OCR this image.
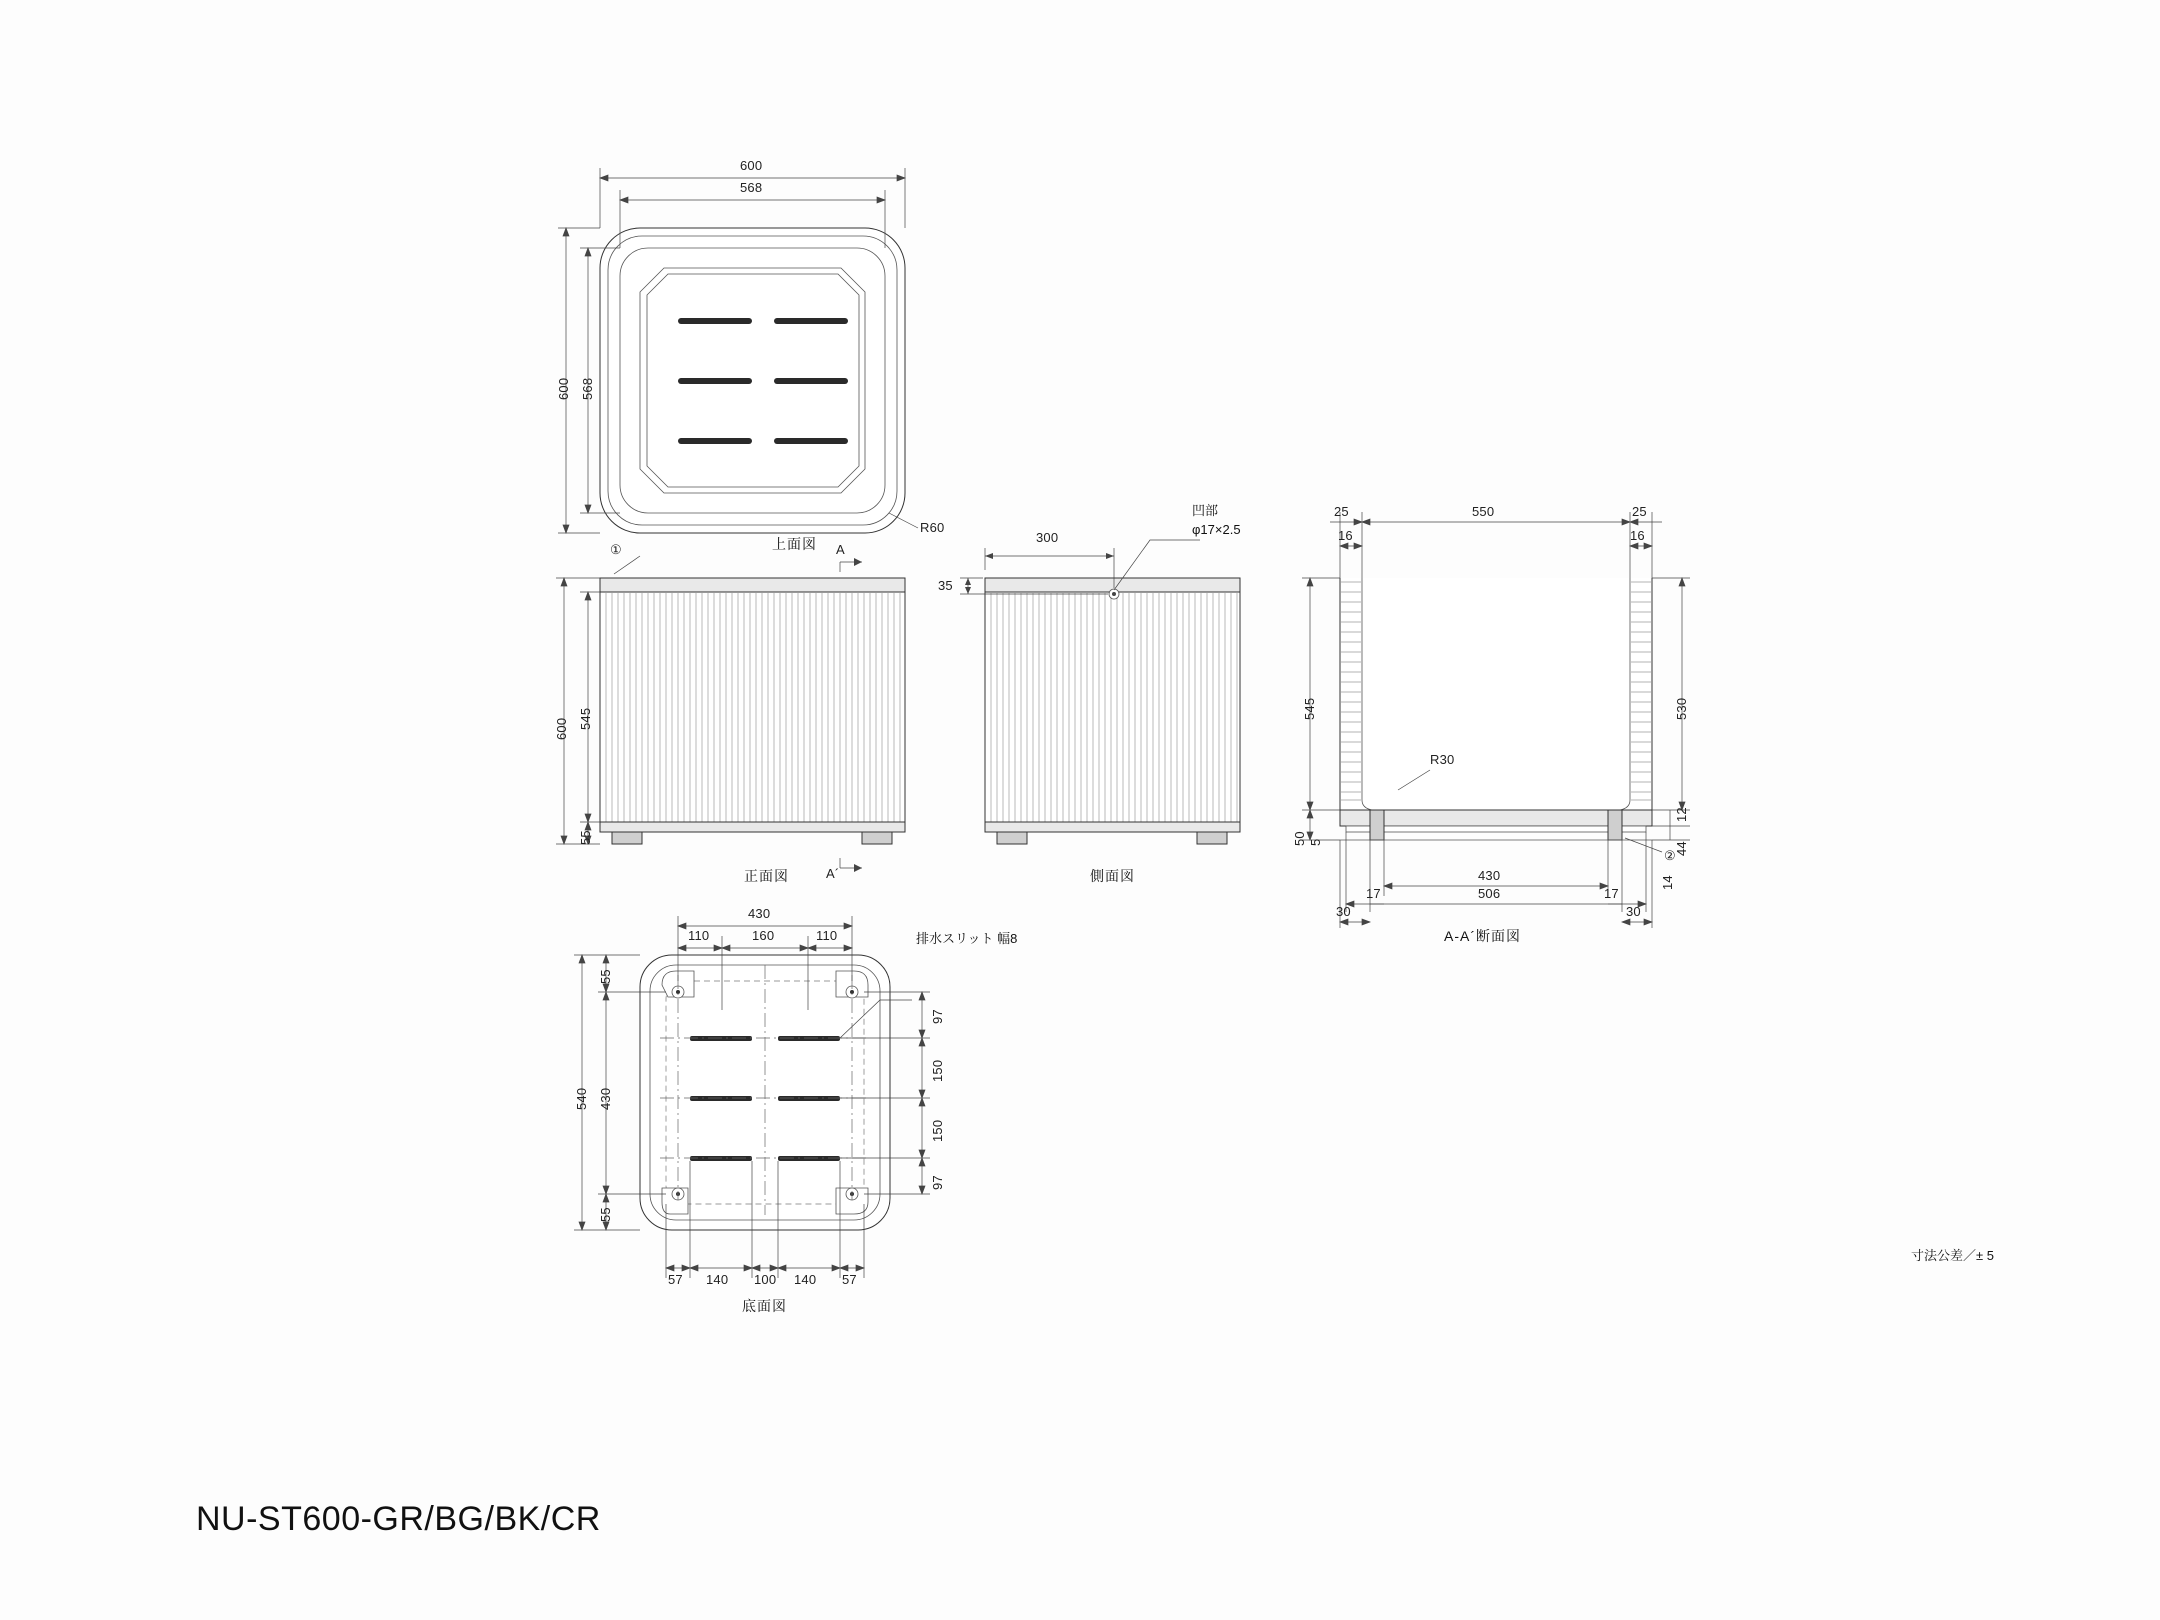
600
568
600 568
R60
上面図
①
600 545
55
正面図
A
A´
300
35
凹部
φ17×2.5
側面図
550
25	25
16	16
545	530
50 5
12
44
14
430
506
30
17	17
30
R30
②
A-A´断面図
430
110	160	110
540 430
55
55
97
150
150
97
57 140 100 140 57
排水スリット 幅8
底面図
寸法公差／± 5
NU-ST600-GR/BG/BK/CR
